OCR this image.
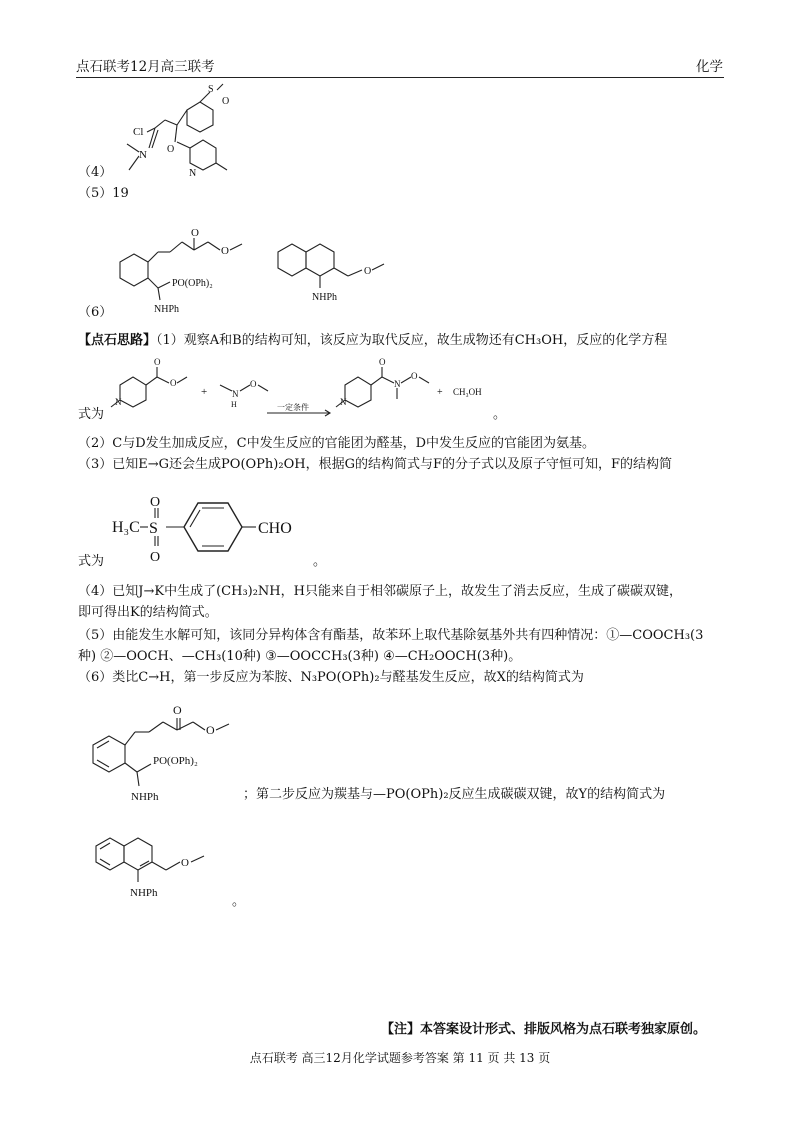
点石联考12月高三联考	化学
Cl
N
S
O
O
N
（4）
（5）19
O
O
PO(OPh)₂
NHPh
O
NHPh
（6）
【点石思路】（1）观察A和B的结构可知，该反应为取代反应，故生成物还有CH₃OH，反应的化学方程
N
O
O
+	N
H
O
一定条件
N
O
N
O
+ CH₃OH
式为	。
（2）C与D发生加成反应，C中发生反应的官能团为醛基，D中发生反应的官能团为氨基。
（3）已知E→G还会生成PO(OPh)₂OH，根据G的结构简式与F的分子式以及原子守恒可知，F的结构简
H₃C S
O
O
CHO
式为	。
（4）已知J→K中生成了(CH₃)₂NH，H只能来自于相邻碳原子上，故发生了消去反应，生成了碳碳双键，
即可得出K的结构简式。
（5）由能发生水解可知，该同分异构体含有酯基，故苯环上取代基除氨基外共有四种情况：①—COOCH₃(3
种) ②—OOCH、—CH₃(10种) ③—OOCCH₃(3种) ④—CH₂OOCH(3种)。
（6）类比C→H，第一步反应为苯胺、N₃PO(OPh)₂与醛基发生反应，故X的结构简式为
O
O
PO(OPh)₂
NHPh	；第二步反应为羰基与—PO(OPh)₂反应生成碳碳双键，故Y的结构简式为
O
NHPh
。
【注】本答案设计形式、排版风格为点石联考独家原创。
点石联考 高三12月化学试题参考答案 第 11 页 共 13 页
